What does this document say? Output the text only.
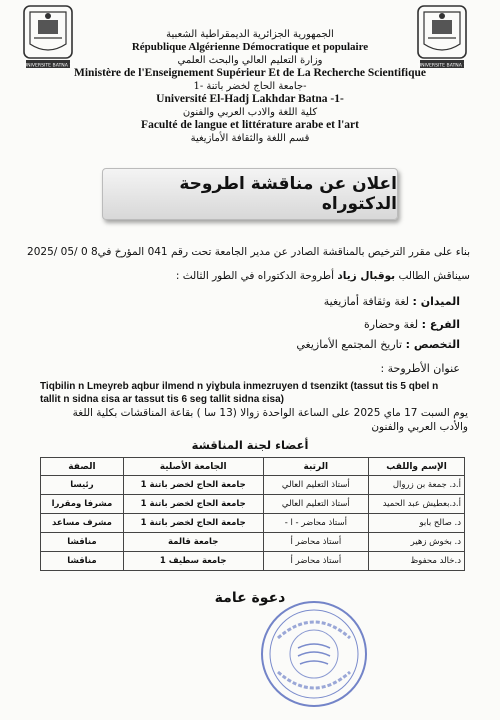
UNIVERSITE BATNA 1	UNIVERSITE BATNA 1
الجمهورية الجزائرية الديمقراطية الشعبية
République Algérienne Démocratique et populaire
وزارة التعليم العالي والبحث العلمي
Ministère de l'Enseignement Supérieur Et de La Recherche Scientifique
جامعة الحاج لخضر باتنة -1-
Université El-Hadj Lakhdar Batna -1-
كلية اللغة والادب العربي والفنون
Faculté de langue et littérature arabe et l'art
قسم اللغة والثقافة الأمازيغية
اعلان عن مناقشة اطروحة الدكتوراه
بناء على مقرر الترخيص بالمناقشة الصادر عن مدير الجامعة تحت رقم 041 المؤرخ في8 0 /05 /2025
سيناقش الطالب بوقبال زياد أطروحة الدكتوراه في الطور الثالث :
الميدان : لغة وثقافة أمازيغية
الفرع : لغة وحضارة
التخصص : تاريخ المجتمع الأمازيغي
عنوان الأطروحة :
Tiqbilin n Lmeyreb aqbur ilmend n yiɣbula inmezruyen d tsenzikt (tassut tis 5 qbel n tallit n sidna εisa ar tassut tis 6 seg tallit sidna εisa)
يوم السبت 17 ماي 2025 على الساعة الواحدة زوالا (13 سا ) بقاعة المناقشات بكلية اللغة
والأدب العربي والفنون
أعضاء لجنة المناقشة
الإسم واللقب	الرتبة	الجامعة الأصلية	الصفة
أ.د. جمعة بن زروال	أستاذ التعليم العالي	جامعة الحاج لخضر باتنة 1	رئيسا
أ.د.بعطيش عبد الحميد	أستاذ التعليم العالي	جامعة الحاج لخضر باتنة 1	مشرفا ومقررا
د. صالح بابو	أستاذ محاضر - ا -	جامعة الحاج لخضر باتنة 1	مشرف مساعد
د. بخوش زهير	أستاذ محاضر أ	جامعة قالمة	مناقشا
د.خالد محفوظ	أستاذ محاضر أ	جامعة سطيف 1	مناقشا
دعوة عامة
